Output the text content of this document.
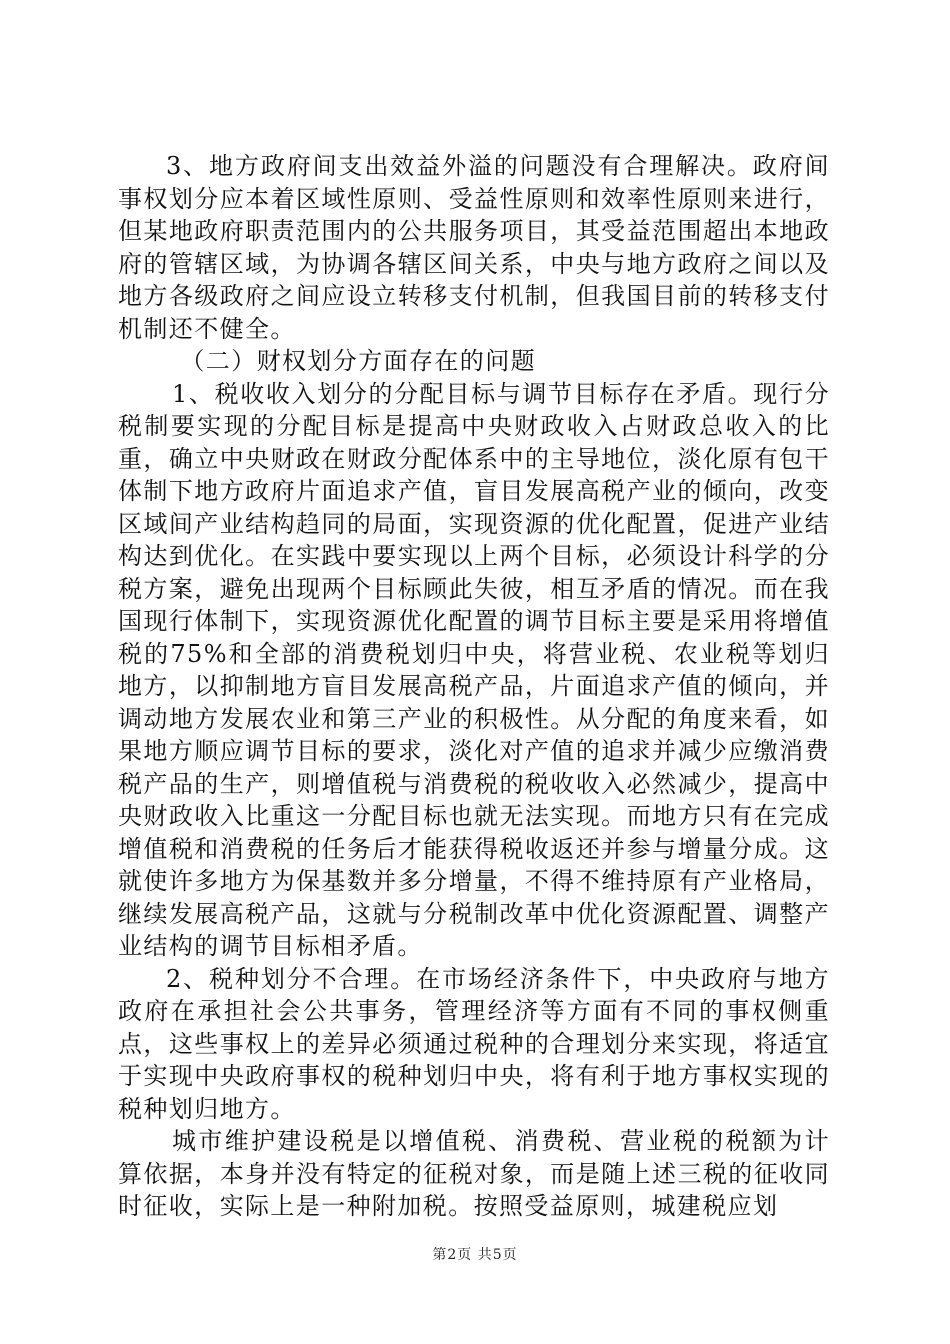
3、地方政府间支出效益外溢的问题没有合理解决。政府间事权划分应本着区域性原则、受益性原则和效率性原则来进行，但某地政府职责范围内的公共服务项目，其受益范围超出本地政府的管辖区域，为协调各辖区间关系，中央与地方政府之间以及地方各级政府之间应设立转移支付机制，但我国目前的转移支付机制还不健全。

（二）财权划分方面存在的问题

1、税收收入划分的分配目标与调节目标存在矛盾。现行分税制要实现的分配目标是提高中央财政收入占财政总收入的比重，确立中央财政在财政分配体系中的主导地位，淡化原有包干体制下地方政府片面追求产值，盲目发展高税产业的倾向，改变区域间产业结构趋同的局面，实现资源的优化配置，促进产业结构达到优化。在实践中要实现以上两个目标，必须设计科学的分税方案，避免出现两个目标顾此失彼，相互矛盾的情况。而在我国现行体制下，实现资源优化配置的调节目标主要是采用将增值税的75%和全部的消费税划归中央，将营业税、农业税等划归地方，以抑制地方盲目发展高税产品，片面追求产值的倾向，并调动地方发展农业和第三产业的积极性。从分配的角度来看，如果地方顺应调节目标的要求，淡化对产值的追求并减少应缴消费税产品的生产，则增值税与消费税的税收收入必然减少，提高中央财政收入比重这一分配目标也就无法实现。而地方只有在完成增值税和消费税的任务后才能获得税收返还并参与增量分成。这就使许多地方为保基数并多分增量，不得不维持原有产业格局，继续发展高税产品，这就与分税制改革中优化资源配置、调整产业结构的调节目标相矛盾。

2、税种划分不合理。在市场经济条件下，中央政府与地方政府在承担社会公共事务，管理经济等方面有不同的事权侧重点，这些事权上的差异必须通过税种的合理划分来实现，将适宜于实现中央政府事权的税种划归中央，将有利于地方事权实现的税种划归地方。

城市维护建设税是以增值税、消费税、营业税的税额为计算依据，本身并没有特定的征税对象，而是随上述三税的征收同时征收，实际上是一种附加税。按照受益原则，城建税应划

第2页 共5页
